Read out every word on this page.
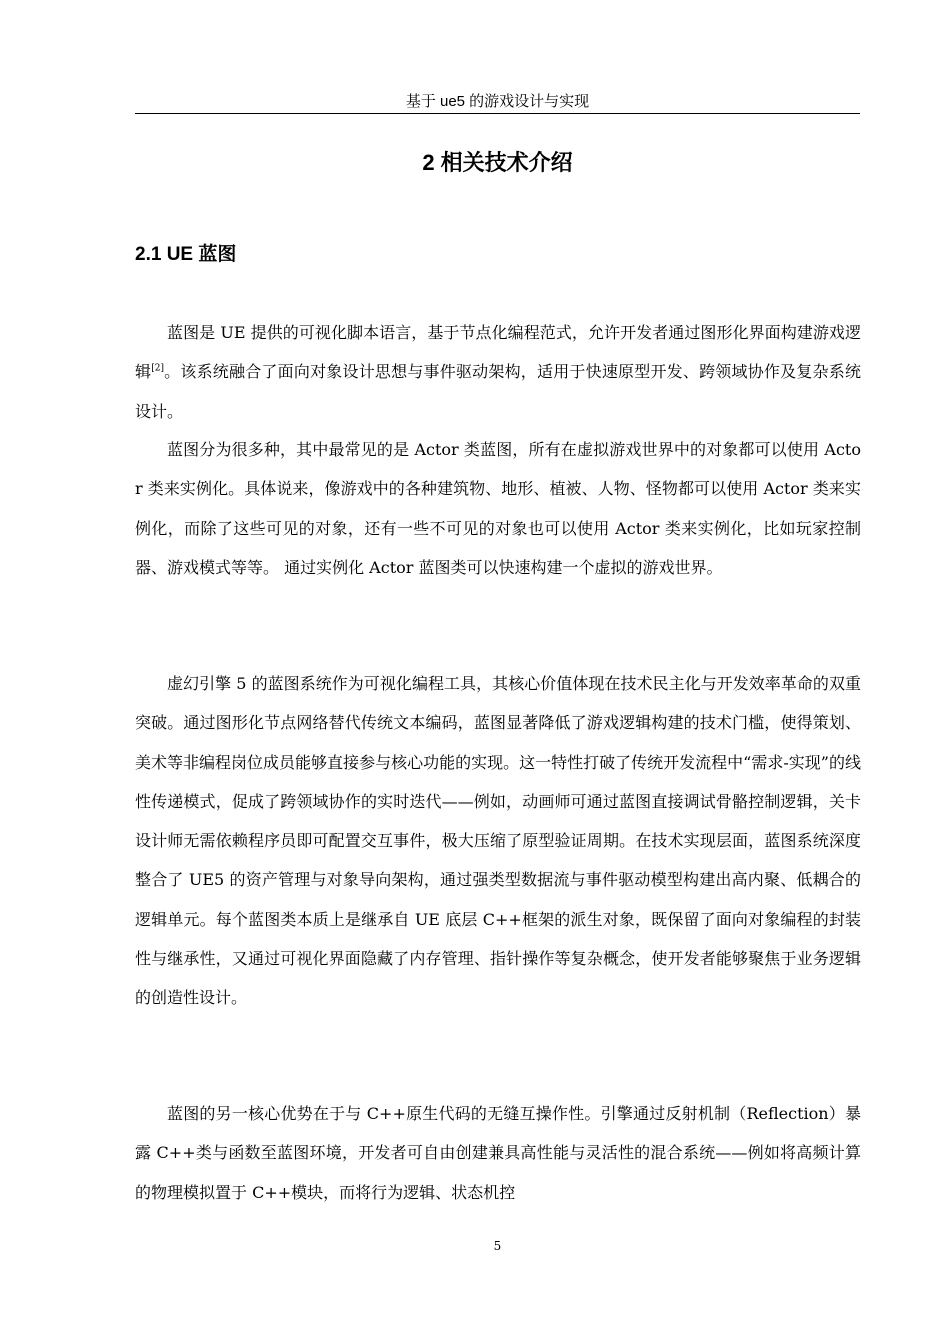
基于 ue5 的游戏设计与实现
2 相关技术介绍
2.1 UE 蓝图

蓝图是 UE 提供的可视化脚本语言，基于节点化编程范式，允许开发者通过图形化界面构建游戏逻辑[2]。该系统融合了面向对象设计思想与事件驱动架构，适用于快速原型开发、跨领域协作及复杂系统设计。

蓝图分为很多种，其中最常见的是 Actor 类蓝图，所有在虚拟游戏世界中的对象都可以使用 Actor 类来实例化。具体说来，像游戏中的各种建筑物、地形、植被、人物、怪物都可以使用 Actor 类来实例化，而除了这些可见的对象，还有一些不可见的对象也可以使用 Actor 类来实例化，比如玩家控制器、游戏模式等等。 通过实例化 Actor 蓝图类可以快速构建一个虚拟的游戏世界。

虚幻引擎 5 的蓝图系统作为可视化编程工具，其核心价值体现在技术民主化与开发效率革命的双重突破。通过图形化节点网络替代传统文本编码，蓝图显著降低了游戏逻辑构建的技术门槛，使得策划、美术等非编程岗位成员能够直接参与核心功能的实现。这一特性打破了传统开发流程中“需求-实现”的线性传递模式，促成了跨领域协作的实时迭代——例如，动画师可通过蓝图直接调试骨骼控制逻辑，关卡设计师无需依赖程序员即可配置交互事件，极大压缩了原型验证周期。在技术实现层面，蓝图系统深度整合了 UE5 的资产管理与对象导向架构，通过强类型数据流与事件驱动模型构建出高内聚、低耦合的逻辑单元。每个蓝图类本质上是继承自 UE 底层 C++框架的派生对象，既保留了面向对象编程的封装性与继承性，又通过可视化界面隐藏了内存管理、指针操作等复杂概念，使开发者能够聚焦于业务逻辑的创造性设计。

蓝图的另一核心优势在于与 C++原生代码的无缝互操作性。引擎通过反射机制（Reflection）暴露 C++类与函数至蓝图环境，开发者可自由创建兼具高性能与灵活性的混合系统——例如将高频计算的物理模拟置于 C++模块，而将行为逻辑、状态机控

5
